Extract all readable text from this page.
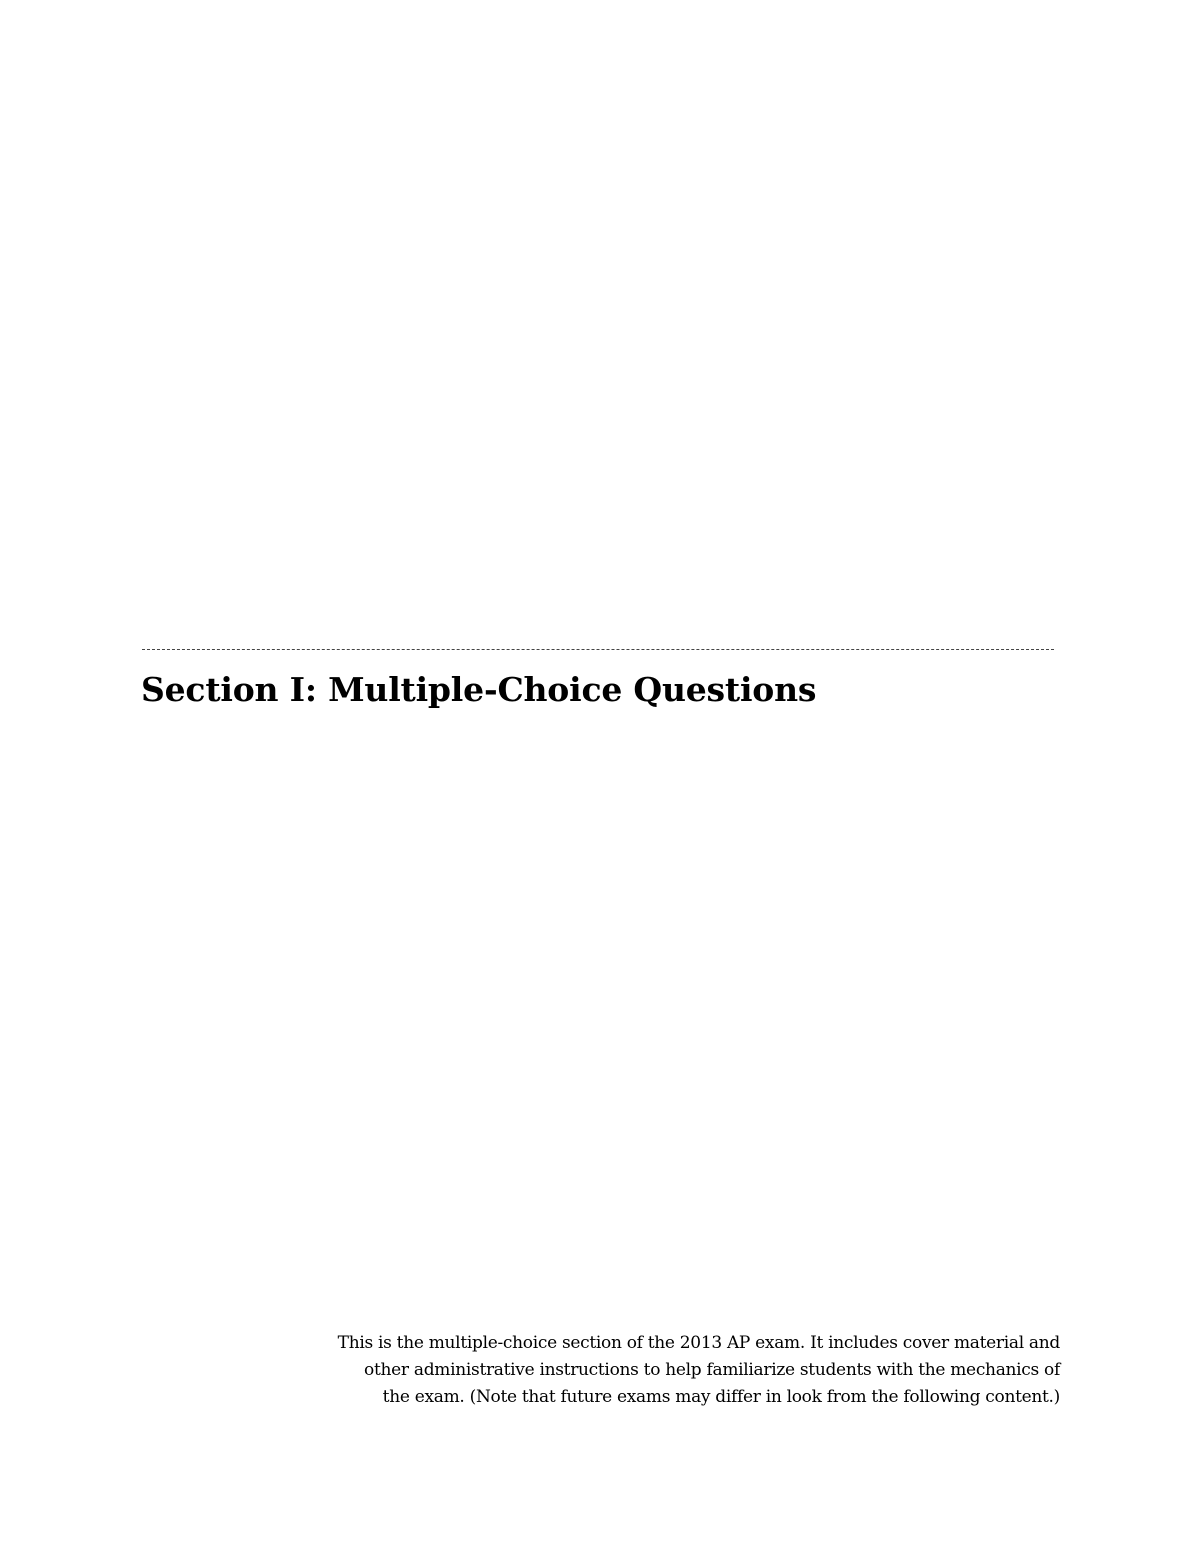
Section I: Multiple-Choice Questions

This is the multiple-choice section of the 2013 AP exam. It includes cover material and
other administrative instructions to help familiarize students with the mechanics of
the exam. (Note that future exams may differ in look from the following content.)
